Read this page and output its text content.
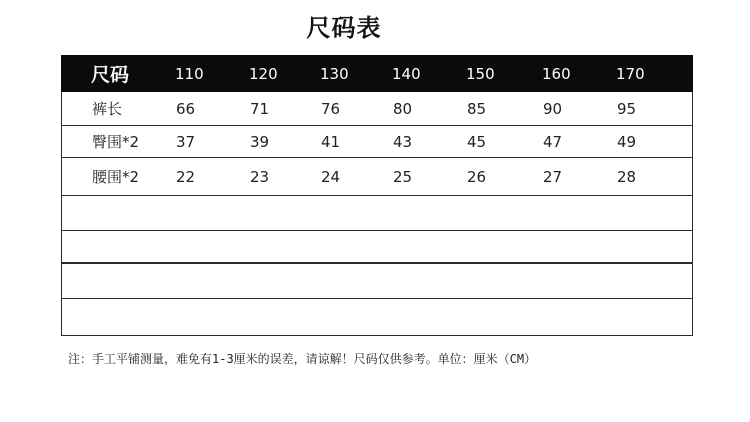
尺码表
尺码	110	120	130	140	150	160	170
裤长	66	71	76	80	85	90	95
臀围*2 37	39	41	43	45	47	49
腰围*2 22	23	24	25	26	27	28
注：手工平铺测量，难免有1-3厘米的误差，请谅解！尺码仅供参考。单位：厘米（CM）
